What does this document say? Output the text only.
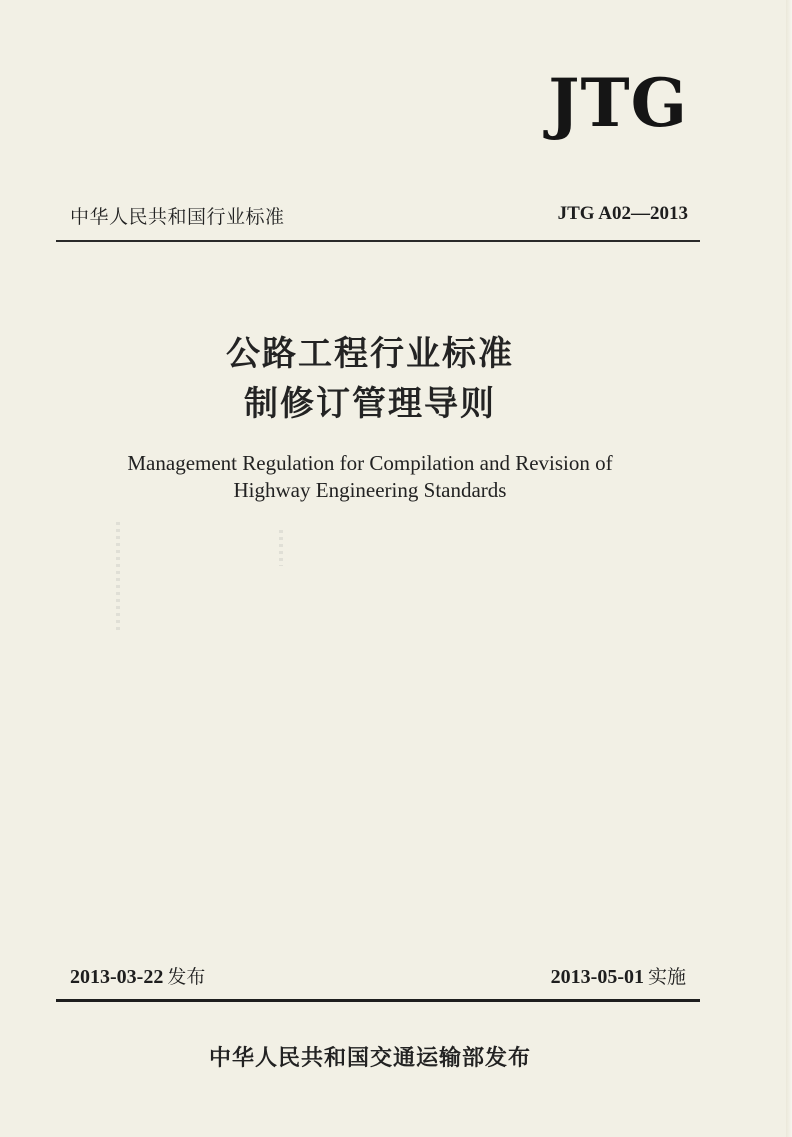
JTG
中华人民共和国行业标准	JTG A02—2013
公路工程行业标准
制修订管理导则
Management Regulation for Compilation and Revision of
Highway Engineering Standards
2013-03-22 发布	2013-05-01 实施
中华人民共和国交通运输部发布
